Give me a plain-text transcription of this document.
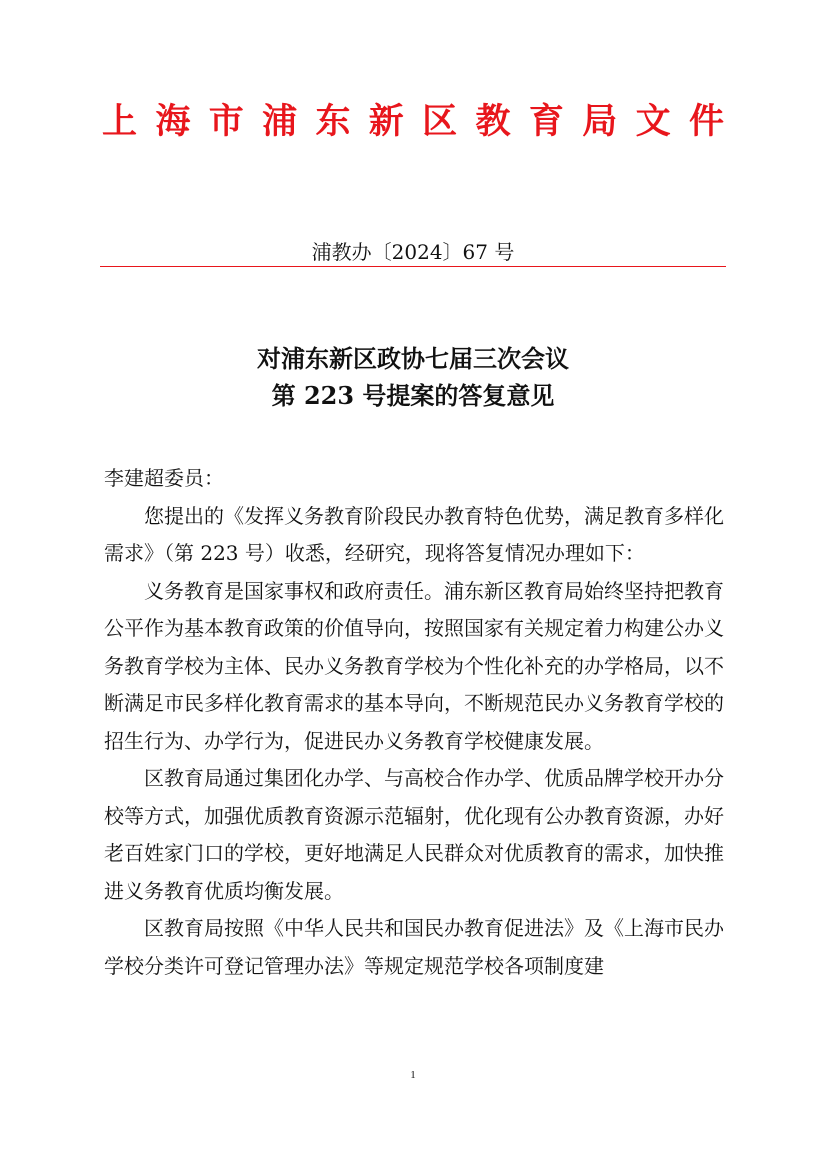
上 海 市 浦 东 新 区 教 育 局 文 件
浦教办〔2024〕67 号
对浦东新区政协七届三次会议
第 223 号提案的答复意见

李建超委员：

您提出的《发挥义务教育阶段民办教育特色优势，满足教育多样化需求》（第 223 号）收悉，经研究，现将答复情况办理如下：

义务教育是国家事权和政府责任。浦东新区教育局始终坚持把教育公平作为基本教育政策的价值导向，按照国家有关规定着力构建公办义务教育学校为主体、民办义务教育学校为个性化补充的办学格局，以不断满足市民多样化教育需求的基本导向，不断规范民办义务教育学校的招生行为、办学行为，促进民办义务教育学校健康发展。

区教育局通过集团化办学、与高校合作办学、优质品牌学校开办分校等方式，加强优质教育资源示范辐射，优化现有公办教育资源，办好老百姓家门口的学校，更好地满足人民群众对优质教育的需求，加快推进义务教育优质均衡发展。

区教育局按照《中华人民共和国民办教育促进法》及《上海市民办学校分类许可登记管理办法》等规定规范学校各项制度建

1
